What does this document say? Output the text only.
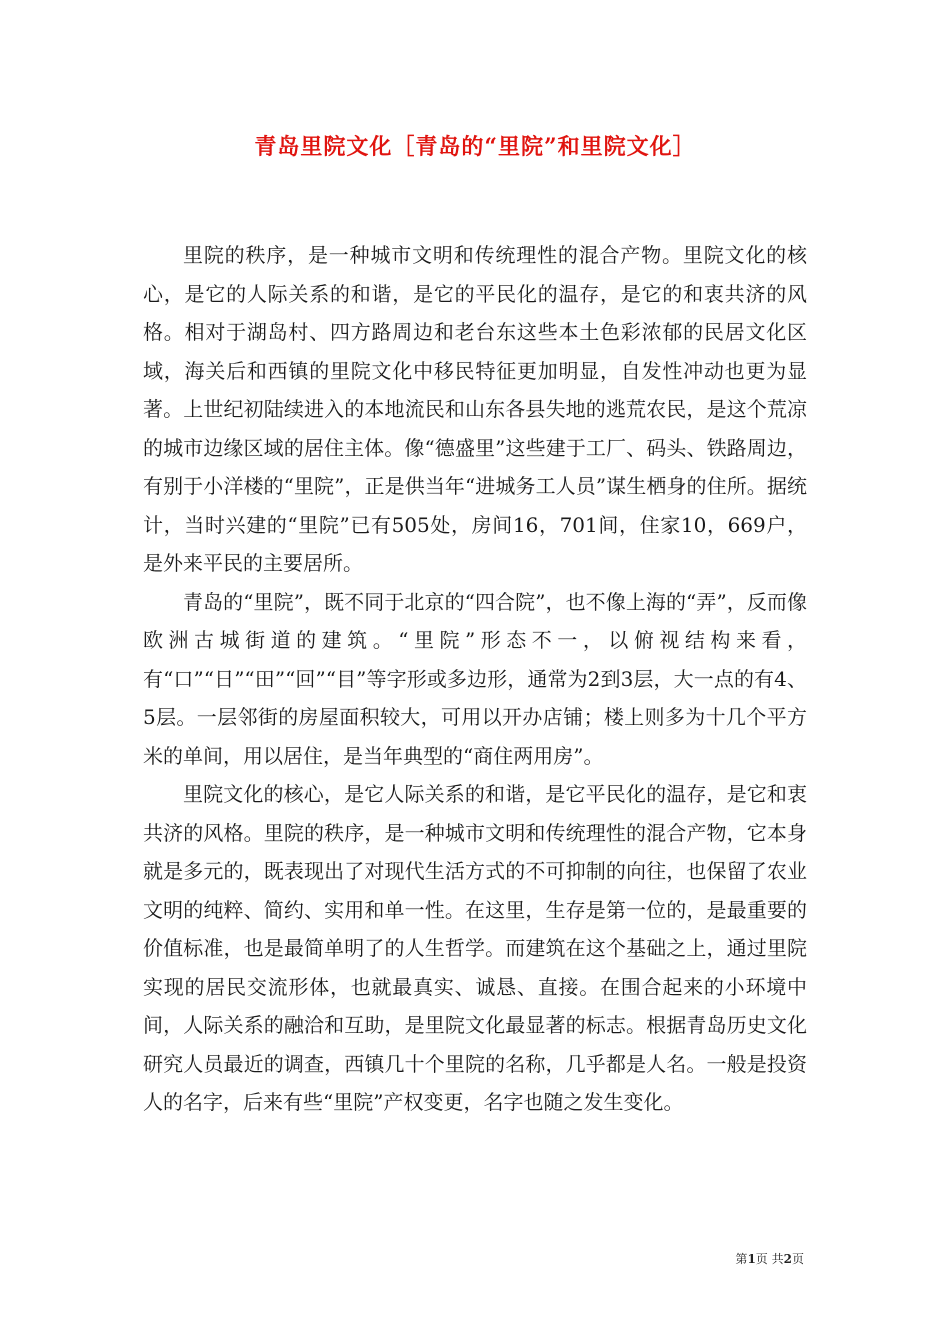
青岛里院文化［青岛的“里院”和里院文化］

里院的秩序，是一种城市文明和传统理性的混合产物。里院文化的核心，是它的人际关系的和谐，是它的平民化的温存，是它的和衷共济的风格。相对于湖岛村、四方路周边和老台东这些本土色彩浓郁的民居文化区域，海关后和西镇的里院文化中移民特征更加明显，自发性冲动也更为显著。上世纪初陆续进入的本地流民和山东各县失地的逃荒农民，是这个荒凉的城市边缘区域的居住主体。像“德盛里”这些建于工厂、码头、铁路周边，有别于小洋楼的“里院”，正是供当年“进城务工人员”谋生栖身的住所。据统计，当时兴建的“里院”已有505处，房间16，701间，住家10，669户，是外来平民的主要居所。

青岛的“里院”，既不同于北京的“四合院”，也不像上海的“弄”，反而像欧洲古城街道的建筑。“里院”形态不一，以俯视结构来看，有“口”“日”“田”“回”“目”等字形或多边形，通常为2到3层，大一点的有4、5层。一层邻街的房屋面积较大，可用以开办店铺；楼上则多为十几个平方米的单间，用以居住，是当年典型的“商住两用房”。

里院文化的核心，是它人际关系的和谐，是它平民化的温存，是它和衷共济的风格。里院的秩序，是一种城市文明和传统理性的混合产物，它本身就是多元的，既表现出了对现代生活方式的不可抑制的向往，也保留了农业文明的纯粹、简约、实用和单一性。在这里，生存是第一位的，是最重要的价值标准，也是最简单明了的人生哲学。而建筑在这个基础之上，通过里院实现的居民交流形体，也就最真实、诚恳、直接。在围合起来的小环境中间，人际关系的融洽和互助，是里院文化最显著的标志。根据青岛历史文化研究人员最近的调查，西镇几十个里院的名称，几乎都是人名。一般是投资人的名字，后来有些“里院”产权变更，名字也随之发生变化。

第1页 共2页
